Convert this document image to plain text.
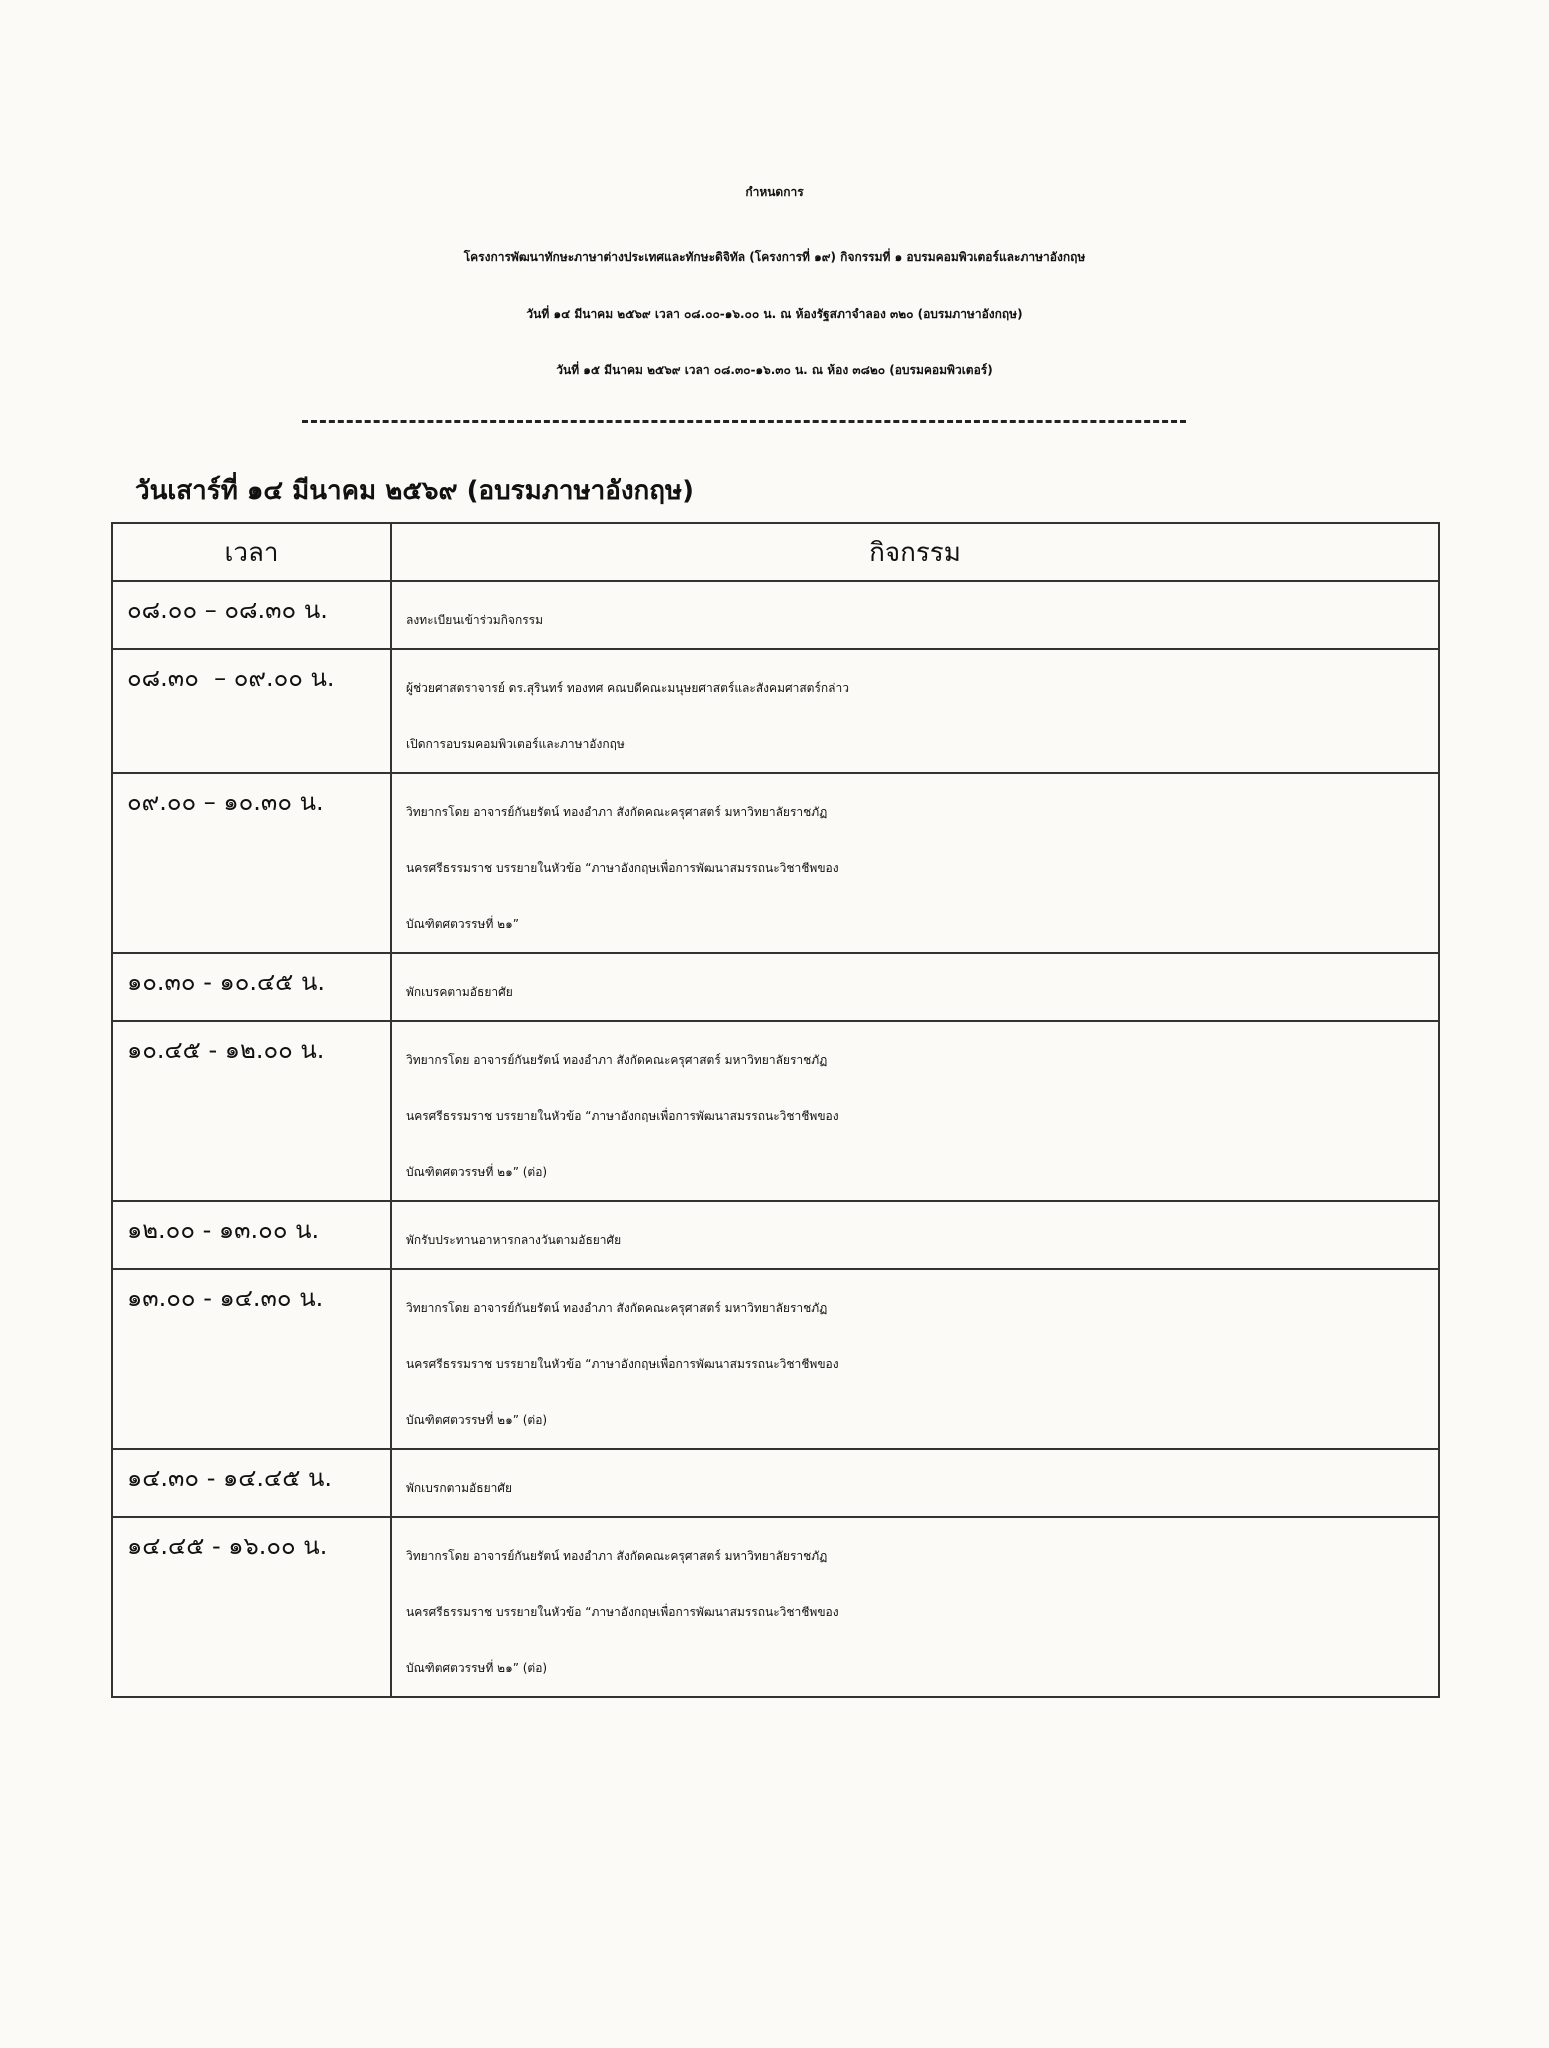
กำหนดการ
โครงการพัฒนาทักษะภาษาต่างประเทศและทักษะดิจิทัล (โครงการที่ ๑๙) กิจกรรมที่ ๑ อบรมคอมพิวเตอร์และภาษาอังกฤษ
วันที่ ๑๔ มีนาคม ๒๕๖๙ เวลา ๐๘.๐๐-๑๖.๐๐ น. ณ ห้องรัฐสภาจำลอง ๓๒๐ (อบรมภาษาอังกฤษ)
วันที่ ๑๕ มีนาคม ๒๕๖๙ เวลา ๐๘.๓๐-๑๖.๓๐ น. ณ ห้อง ๓๘๒๐ (อบรมคอมพิวเตอร์)
วันเสาร์ที่ ๑๔ มีนาคม ๒๕๖๙ (อบรมภาษาอังกฤษ)
เวลา	กิจกรรม
๐๘.๐๐ – ๐๘.๓๐ น.	ลงทะเบียนเข้าร่วมกิจกรรม

๐๘.๓๐  – ๐๙.๐๐ น.	ผู้ช่วยศาสตราจารย์ ดร.สุรินทร์ ทองทศ คณบดีคณะมนุษยศาสตร์และสังคมศาสตร์กล่าว
เปิดการอบรมคอมพิวเตอร์และภาษาอังกฤษ

๐๙.๐๐ – ๑๐.๓๐ น.	วิทยากรโดย อาจารย์กันยรัตน์ ทองอำภา สังกัดคณะครุศาสตร์ มหาวิทยาลัยราชภัฏ
นครศรีธรรมราช บรรยายในหัวข้อ “ภาษาอังกฤษเพื่อการพัฒนาสมรรถนะวิชาชีพของ
บัณฑิตศตวรรษที่ ๒๑”

๑๐.๓๐ - ๑๐.๔๕ น.	พักเบรคตามอัธยาศัย

๑๐.๔๕ - ๑๒.๐๐ น.	วิทยากรโดย อาจารย์กันยรัตน์ ทองอำภา สังกัดคณะครุศาสตร์ มหาวิทยาลัยราชภัฏ
นครศรีธรรมราช บรรยายในหัวข้อ “ภาษาอังกฤษเพื่อการพัฒนาสมรรถนะวิชาชีพของ
บัณฑิตศตวรรษที่ ๒๑” (ต่อ)

๑๒.๐๐ - ๑๓.๐๐ น.	พักรับประทานอาหารกลางวันตามอัธยาศัย

๑๓.๐๐ - ๑๔.๓๐ น.	วิทยากรโดย อาจารย์กันยรัตน์ ทองอำภา สังกัดคณะครุศาสตร์ มหาวิทยาลัยราชภัฏ
นครศรีธรรมราช บรรยายในหัวข้อ “ภาษาอังกฤษเพื่อการพัฒนาสมรรถนะวิชาชีพของ
บัณฑิตศตวรรษที่ ๒๑” (ต่อ)

๑๔.๓๐ - ๑๔.๔๕ น.	พักเบรกตามอัธยาศัย

๑๔.๔๕ - ๑๖.๐๐ น.	วิทยากรโดย อาจารย์กันยรัตน์ ทองอำภา สังกัดคณะครุศาสตร์ มหาวิทยาลัยราชภัฏ
นครศรีธรรมราช บรรยายในหัวข้อ “ภาษาอังกฤษเพื่อการพัฒนาสมรรถนะวิชาชีพของ
บัณฑิตศตวรรษที่ ๒๑” (ต่อ)
